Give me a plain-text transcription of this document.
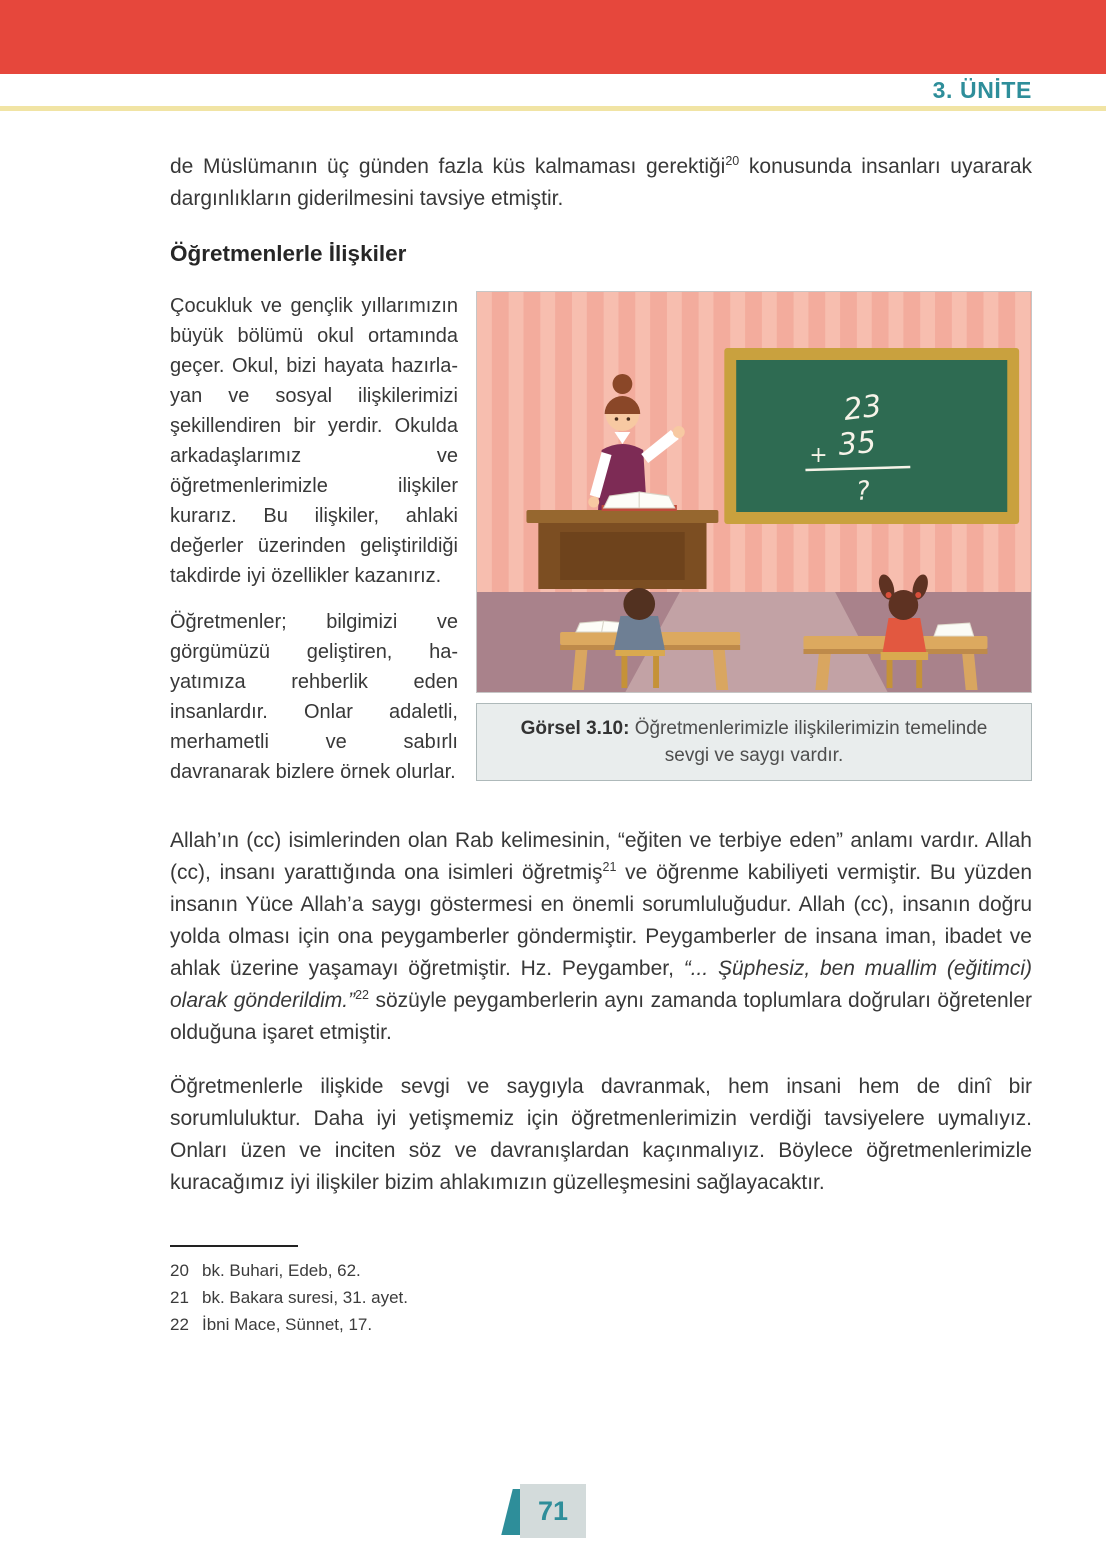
3. ÜNİTE

de Müslümanın üç günden fazla küs kalmaması gerektiği$^{20}$ konusunda insanları uyararak dargınlıkların giderilmesini tavsiye etmiştir.

Öğretmenlerle İlişkiler

Çocukluk ve gençlik yıllarımızın büyük bölümü okul ortamında geçer. Okul, bizi hayata hazırlayan ve sosyal ilişkilerimizi şekillendiren bir yerdir. Okulda arkadaşlarımız ve öğretmenlerimizle ilişkiler kurarız. Bu ilişkiler, ahlaki değerler üzerinden geliştirildiği takdirde iyi özellikler kazanırız.

Öğretmenler; bilgimizi ve görgümüzü geliştiren, hayatımıza rehberlik eden insanlardır. Onlar adaletli, merhametli ve sabırlı davranarak bizlere örnek olurlar.

23
35
+
?
Görsel 3.10: Öğretmenlerimizle ilişkilerimizin temelinde sevgi ve saygı vardır.

Allah’ın (cc) isimlerinden olan Rab kelimesinin, “eğiten ve terbiye eden” anlamı vardır. Allah (cc), insanı yarattığında ona isimleri öğretmiş$^{21}$ ve öğrenme kabiliyeti vermiştir. Bu yüzden insanın Yüce Allah’a saygı göstermesi en önemli sorumluluğudur. Allah (cc), insanın doğru yolda olması için ona peygamberler göndermiştir. Peygamberler de insana iman, ibadet ve ahlak üzerine yaşamayı öğretmiştir. Hz. Peygamber, “... Şüphesiz, ben muallim (eğitimci) olarak gönderildim.”$^{22}$ sözüyle peygamberlerin aynı zamanda toplumlara doğruları öğretenler olduğuna işaret etmiştir.

Öğretmenlerle ilişkide sevgi ve saygıyla davranmak, hem insani hem de dinî bir sorumluluktur. Daha iyi yetişmemiz için öğretmenlerimizin verdiği tavsiyelere uymalıyız. Onları üzen ve inciten söz ve davranışlardan kaçınmalıyız. Böylece öğretmenlerimizle kuracağımız iyi ilişkiler bizim ahlakımızın güzelleşmesini sağlayacaktır.

20 bk. Buhari, Edeb, 62.
21 bk. Bakara suresi, 31. ayet.
22 İbni Mace, Sünnet, 17.
71
